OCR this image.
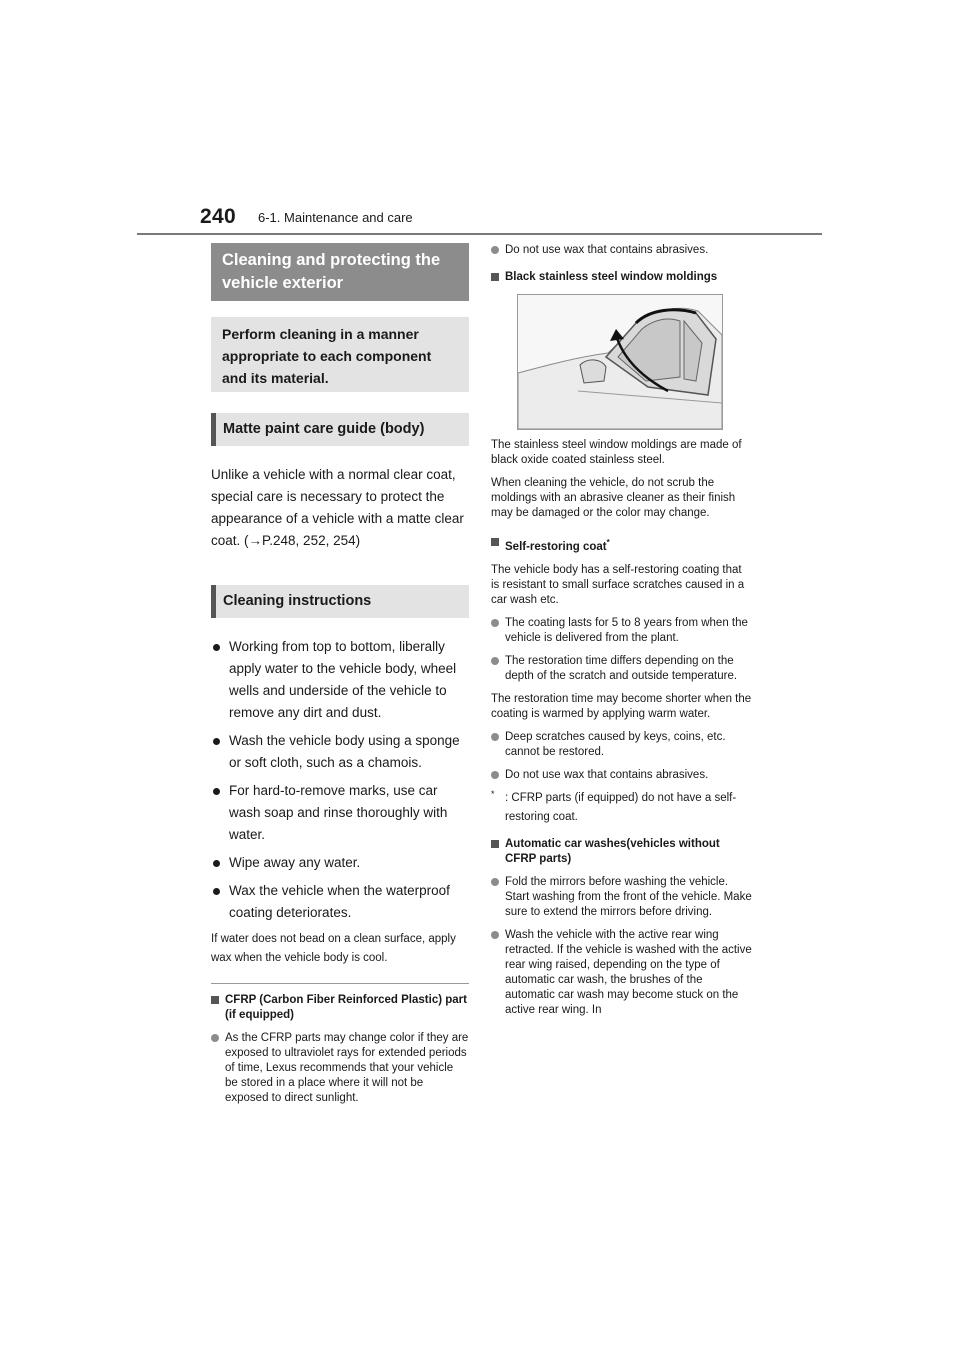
240 6-1. Maintenance and care
Cleaning and protecting the vehicle exterior
Perform cleaning in a manner appropriate to each component and its material.
Matte paint care guide (body)

Unlike a vehicle with a normal clear coat, special care is necessary to protect the appearance of a vehicle with a matte clear coat. (→P.248, 252, 254)

Cleaning instructions
Working from top to bottom, liberally apply water to the vehicle body, wheel wells and underside of the vehicle to remove any dirt and dust.
Wash the vehicle body using a sponge or soft cloth, such as a chamois.
For hard-to-remove marks, use car wash soap and rinse thoroughly with water.
Wipe away any water.
Wax the vehicle when the waterproof coating deteriorates.
If water does not bead on a clean surface, apply wax when the vehicle body is cool.
CFRP (Carbon Fiber Reinforced Plastic) part (if equipped)
As the CFRP parts may change color if they are exposed to ultraviolet rays for extended periods of time, Lexus recommends that your vehicle be stored in a place where it will not be exposed to direct sunlight.
Do not use wax that contains abrasives.
Black stainless steel window moldings
The stainless steel window moldings are made of black oxide coated stainless steel.
When cleaning the vehicle, do not scrub the moldings with an abrasive cleaner as their finish may be damaged or the color may change.
Self-restoring coat*
The vehicle body has a self-restoring coating that is resistant to small surface scratches caused in a car wash etc.
The coating lasts for 5 to 8 years from when the vehicle is delivered from the plant.
The restoration time differs depending on the depth of the scratch and outside temperature.
The restoration time may become shorter when the coating is warmed by applying warm water.
Deep scratches caused by keys, coins, etc. cannot be restored.
Do not use wax that contains abrasives.
* : CFRP parts (if equipped) do not have a self-restoring coat.
Automatic car washes(vehicles without CFRP parts)
Fold the mirrors before washing the vehicle. Start washing from the front of the vehicle. Make sure to extend the mirrors before driving.
Wash the vehicle with the active rear wing retracted. If the vehicle is washed with the active rear wing raised, depending on the type of automatic car wash, the brushes of the automatic car wash may become stuck on the active rear wing. In
